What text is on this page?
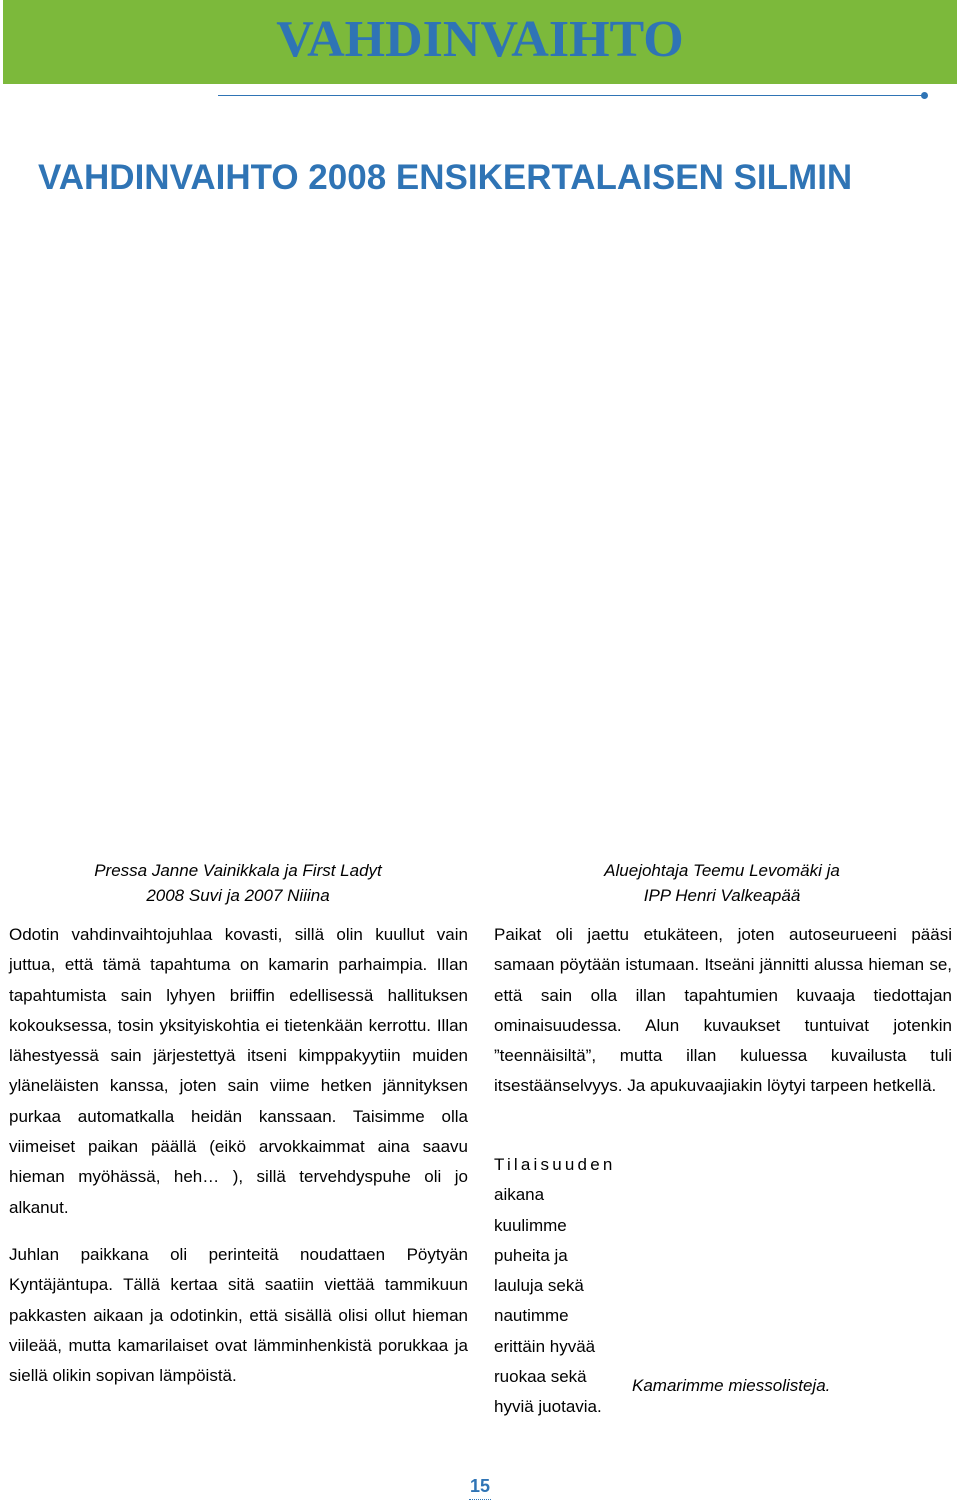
VAHDINVAIHTO
VAHDINVAIHTO 2008 ENSIKERTALAISEN SILMIN
Pressa Janne Vainikkala ja First Ladyt
2008 Suvi ja 2007 Niiina
Aluejohtaja Teemu Levomäki ja
IPP Henri Valkeapää

Odotin vahdinvaihtojuhlaa kovasti, sillä olin kuullut vain juttua, että tämä tapahtuma on kamarin parhaimpia. Illan tapahtumista sain lyhyen briiffin edellisessä hallituksen kokouksessa, tosin yksityiskohtia ei tietenkään kerrottu. Illan lähestyessä sain järjestettyä itseni kimppakyytiin muiden yläneläisten kanssa, joten sain viime hetken jännityksen purkaa automatkalla heidän kanssaan. Taisimme olla viimeiset paikan päällä (eikö arvokkaimmat aina saavu hieman myöhässä, heh… ), sillä tervehdyspuhe oli jo alkanut.

Juhlan paikkana oli perinteitä noudattaen Pöytyän Kyntäjäntupa. Tällä kertaa sitä saatiin viettää tammikuun pakkasten aikaan ja odotinkin, että sisällä olisi ollut hieman viileää, mutta kamarilaiset ovat lämminhenkistä porukkaa ja siellä olikin sopivan lämpöistä.

Paikat oli jaettu etukäteen, joten autoseurueeni pääsi samaan pöytään istumaan. Itseäni jännitti alussa hieman se, että sain olla illan tapahtumien kuvaaja tiedottajan ominaisuudessa. Alun kuvaukset tuntuivat jotenkin ”teennäisiltä”, mutta illan kuluessa kuvailusta tuli itsestäänselvyys. Ja apukuvaajiakin löytyi tarpeen hetkellä.

Tilaisuuden aikana kuulimme puheita ja lauluja sekä nautimme erittäin hyvää ruokaa sekä hyviä juotavia.
Kamarimme miessolisteja.
15
